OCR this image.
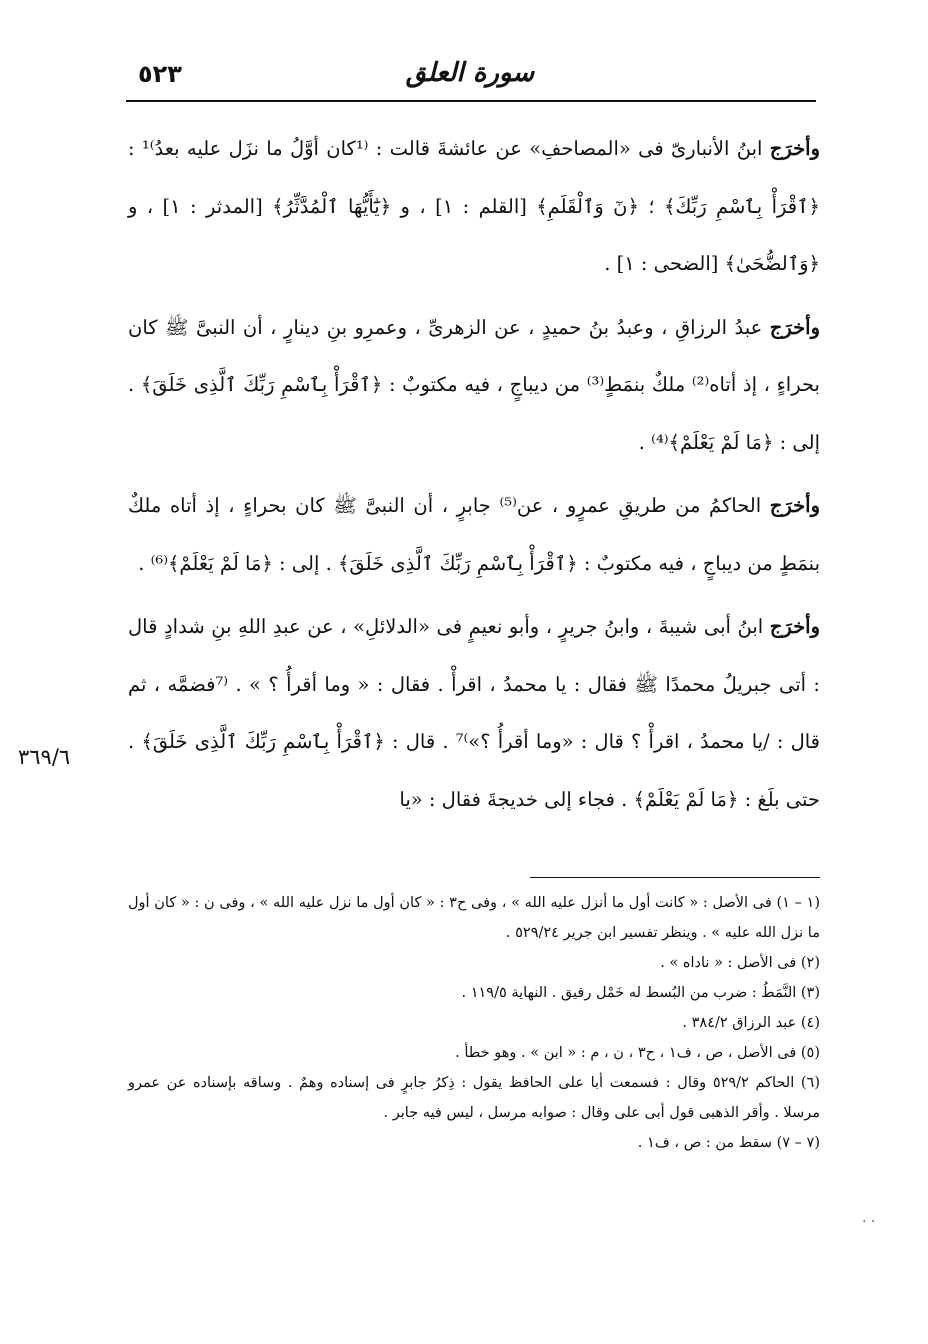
٥٢٣	سورة العلق

وأخرَج ابنُ الأنبارىّ فى «المصاحفِ» عن عائشةَ قالت : ⁽¹كان أوَّلُ ما نزَل عليه بعدُ⁾¹ : ﴿ٱقْرَأْ بِٱسْمِ رَبِّكَ﴾ ؛ ﴿نٓ وَٱلْقَلَمِ﴾ [القلم : ١] ، و ﴿يَٰٓأَيُّهَا ٱلْمُدَّثِّرُ﴾ [المدثر : ١] ، و ﴿وَٱلضُّحَىٰ﴾ [الضحى : ١] .

وأخرَج عبدُ الرزاقِ ، وعبدُ بنُ حميدٍ ، عن الزهرىِّ ، وعمرِو بنِ دينارٍ ، أن النبىَّ ﷺ كان بحراءٍ ، إذ أتاه⁽²⁾ ملكٌ بنمَطٍ⁽³⁾ من ديباجٍ ، فيه مكتوبٌ : ﴿ٱقْرَأْ بِٱسْمِ رَبِّكَ ٱلَّذِى خَلَقَ﴾ . إلى : ﴿مَا لَمْ يَعْلَمْ﴾⁽⁴⁾ .

وأخرَج الحاكمُ من طريقِ عمرٍو ، عن⁽⁵⁾ جابرٍ ، أن النبىَّ ﷺ كان بحراءٍ ، إذ أتاه ملكٌ بنمَطٍ من ديباجٍ ، فيه مكتوبٌ : ﴿ٱقْرَأْ بِٱسْمِ رَبِّكَ ٱلَّذِى خَلَقَ﴾ . إلى : ﴿مَا لَمْ يَعْلَمْ﴾⁽⁶⁾ .

وأخرَج ابنُ أبى شيبةَ ، وابنُ جريرٍ ، وأبو نعيمٍ فى «الدلائلِ» ، عن عبدِ اللهِ بنِ شدادٍ قال : أتى جبريلُ محمدًا ﷺ فقال : يا محمدُ ، اقرأْ . فقال : « وما أقرأُ ؟ » . ⁽⁷فضمَّه ، ثم قال : /يا محمدُ ، اقرأْ ؟ قال : «وما أقرأُ ؟»⁾⁷ . قال : ﴿ٱقْرَأْ بِٱسْمِ رَبِّكَ ٱلَّذِى خَلَقَ﴾ . حتى بلَغ : ﴿مَا لَمْ يَعْلَمْ﴾ . فجاء إلى خديجةَ فقال : «يا

٣٦٩/٦

(١ – ١) فى الأصل : « كانت أول ما أنزل عليه الله » ، وفى ح٣ : « كان أول ما نزل عليه الله » ، وفى ن : « كان أول ما نزل الله عليه » . وينظر تفسير ابن جرير ٥٢٩/٢٤ .

(٢) فى الأصل : « ناداه » .

(٣) النَّمَطُ : ضرب من البُسط له خَمْل رقيق . النهاية ١١٩/٥ .

(٤) عبد الرزاق ٣٨٤/٢ .

(٥) فى الأصل ، ص ، ف١ ، ح٣ ، ن ، م : « ابن » . وهو خطأ .

(٦) الحاكم ٥٢٩/٢ وقال : فسمعت أبا على الحافظ يقول : ذِكرُ جابرٍ فى إسناده وهمٌ . وساقه بإسناده عن عمرو مرسلا . وأقر الذهبى قول أبى على وقال : صوابه مرسل ، ليس فيه جابر .

(٧ – ٧) سقط من : ص ، ف١ .

. .
